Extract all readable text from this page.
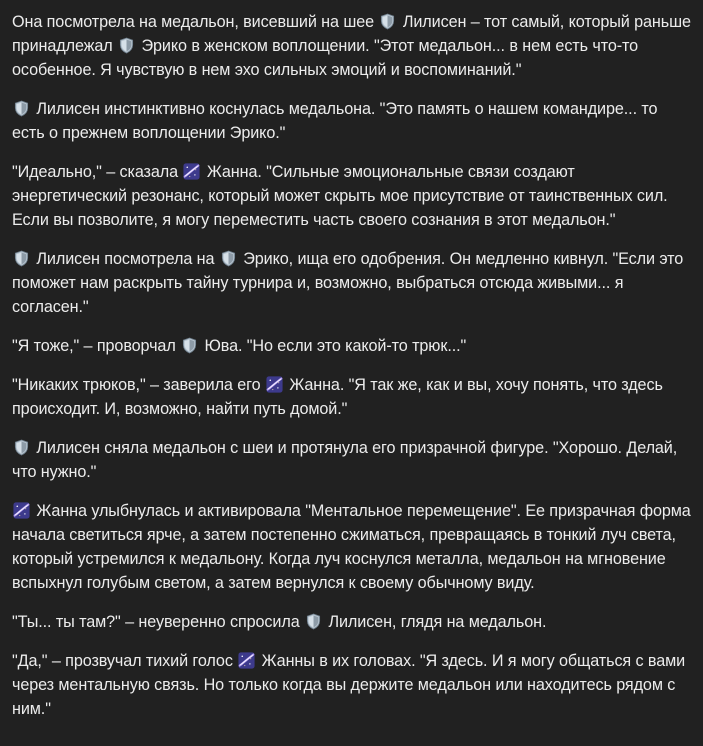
Она посмотрела на медальон, висевший на шее Лилисен – тот самый, который раньше принадлежал Эрико в женском воплощении. "Этот медальон... в нем есть что-то особенное. Я чувствую в нем эхо сильных эмоций и воспоминаний."

Лилисен инстинктивно коснулась медальона. "Это память о нашем командире... то есть о прежнем воплощении Эрико."

"Идеально," – сказала Жанна. "Сильные эмоциональные связи создают энергетический резонанс, который может скрыть мое присутствие от таинственных сил. Если вы позволите, я могу переместить часть своего сознания в этот медальон."

Лилисен посмотрела на Эрико, ища его одобрения. Он медленно кивнул. "Если это поможет нам раскрыть тайну турнира и, возможно, выбраться отсюда живыми... я согласен."

"Я тоже," – проворчал Юва. "Но если это какой-то трюк..."

"Никаких трюков," – заверила его Жанна. "Я так же, как и вы, хочу понять, что здесь происходит. И, возможно, найти путь домой."

Лилисен сняла медальон с шеи и протянула его призрачной фигуре. "Хорошо. Делай, что нужно."

Жанна улыбнулась и активировала "Ментальное перемещение". Ее призрачная форма начала светиться ярче, а затем постепенно сжиматься, превращаясь в тонкий луч света, который устремился к медальону. Когда луч коснулся металла, медальон на мгновение вспыхнул голубым светом, а затем вернулся к своему обычному виду.

"Ты... ты там?" – неуверенно спросила Лилисен, глядя на медальон.

"Да," – прозвучал тихий голос Жанны в их головах. "Я здесь. И я могу общаться с вами через ментальную связь. Но только когда вы держите медальон или находитесь рядом с ним."
